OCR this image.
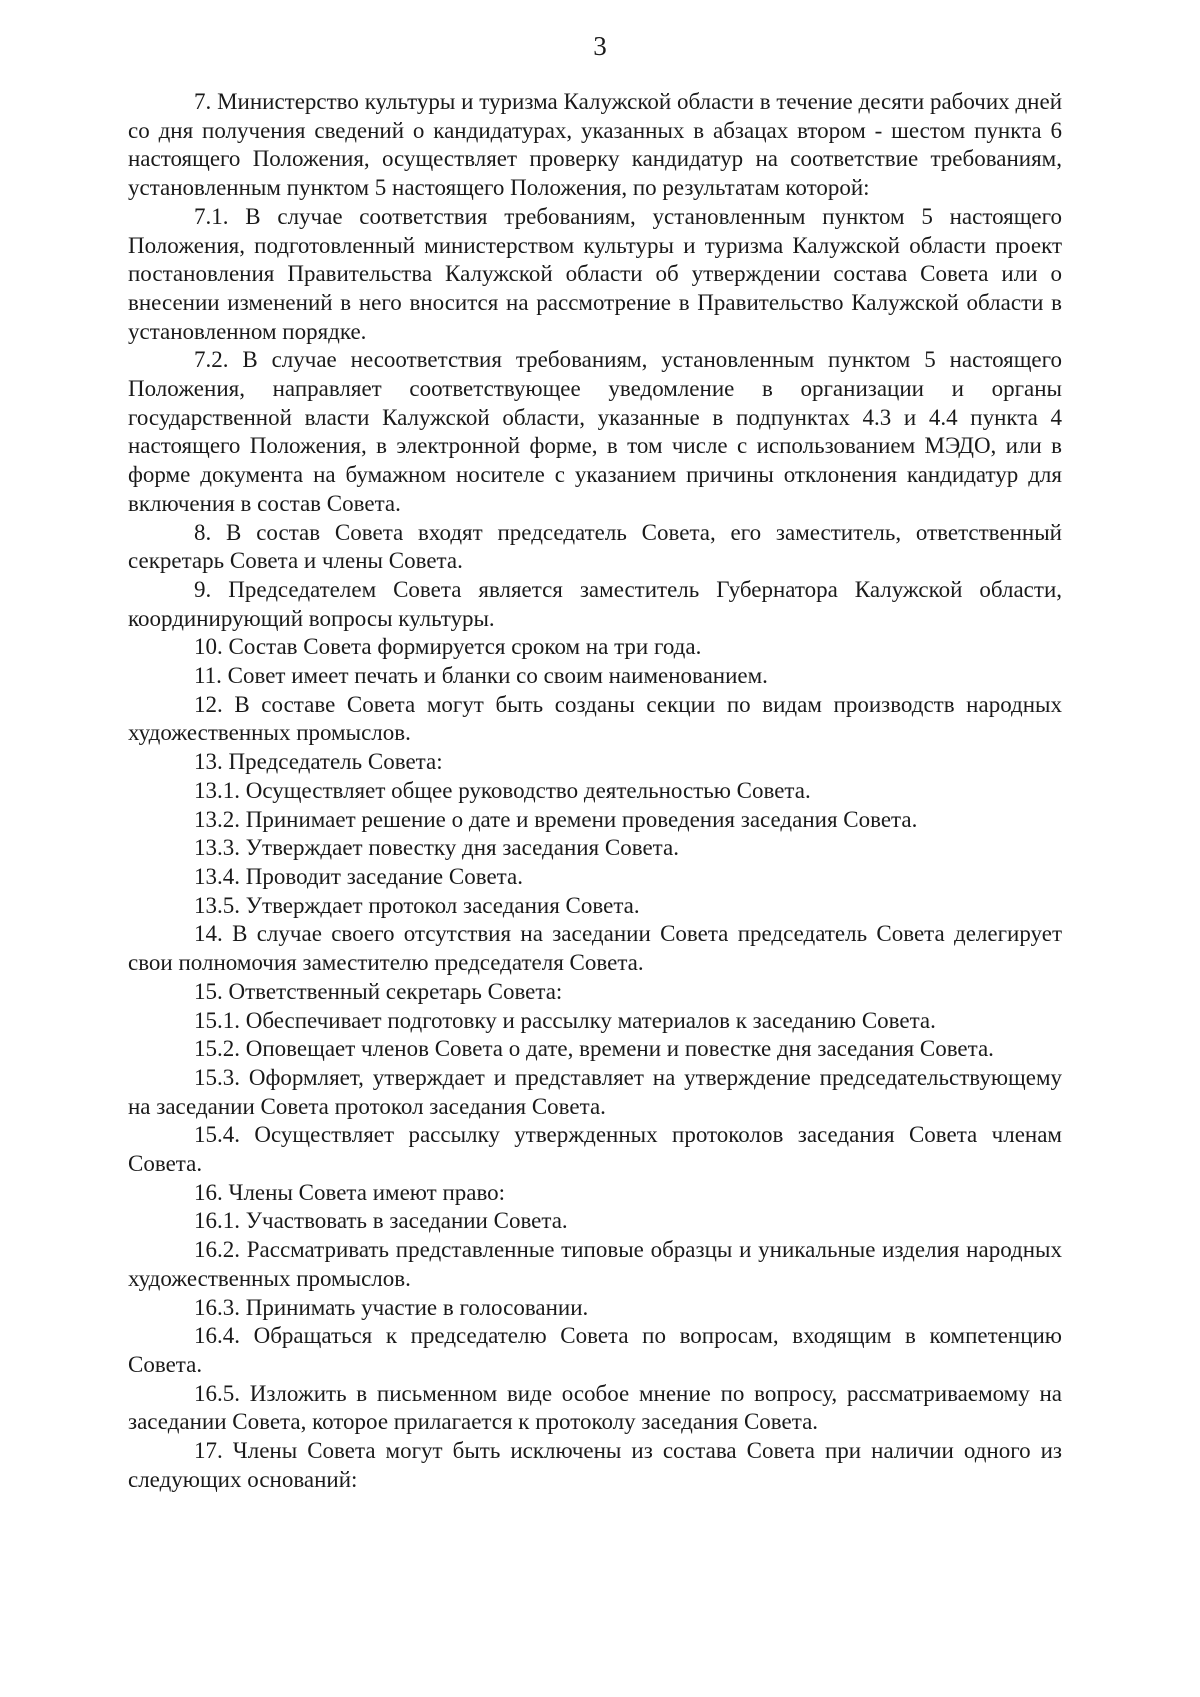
3

7. Министерство культуры и туризма Калужской области в течение десяти рабочих дней со дня получения сведений о кандидатурах, указанных в абзацах втором - шестом пункта 6 настоящего Положения, осуществляет проверку кандидатур на соответствие требованиям, установленным пунктом 5 настоящего Положения, по результатам которой:

7.1. В случае соответствия требованиям, установленным пунктом 5 настоящего Положения, подготовленный министерством культуры и туризма Калужской области проект постановления Правительства Калужской области об утверждении состава Совета или о внесении изменений в него вносится на рассмотрение в Правительство Калужской области в установленном порядке.

7.2. В случае несоответствия требованиям, установленным пунктом 5 настоящего Положения, направляет соответствующее уведомление в организации и органы государственной власти Калужской области, указанные в подпунктах 4.3 и 4.4 пункта 4 настоящего Положения, в электронной форме, в том числе с использованием МЭДО, или в форме документа на бумажном носителе с указанием причины отклонения кандидатур для включения в состав Совета.

8. В состав Совета входят председатель Совета, его заместитель, ответственный секретарь Совета и члены Совета.

9. Председателем Совета является заместитель Губернатора Калужской области, координирующий вопросы культуры.

10. Состав Совета формируется сроком на три года.

11. Совет имеет печать и бланки со своим наименованием.

12. В составе Совета могут быть созданы секции по видам производств народных художественных промыслов.

13. Председатель Совета:

13.1. Осуществляет общее руководство деятельностью Совета.

13.2. Принимает решение о дате и времени проведения заседания Совета.

13.3. Утверждает повестку дня заседания Совета.

13.4. Проводит заседание Совета.

13.5. Утверждает протокол заседания Совета.

14. В случае своего отсутствия на заседании Совета председатель Совета делегирует свои полномочия заместителю председателя Совета.

15. Ответственный секретарь Совета:

15.1. Обеспечивает подготовку и рассылку материалов к заседанию Совета.

15.2. Оповещает членов Совета о дате, времени и повестке дня заседания Совета.

15.3. Оформляет, утверждает и представляет на утверждение председательствующему на заседании Совета протокол заседания Совета.

15.4. Осуществляет рассылку утвержденных протоколов заседания Совета членам Совета.

16. Члены Совета имеют право:

16.1. Участвовать в заседании Совета.

16.2. Рассматривать представленные типовые образцы и уникальные изделия народных художественных промыслов.

16.3. Принимать участие в голосовании.

16.4. Обращаться к председателю Совета по вопросам, входящим в компетенцию Совета.

16.5. Изложить в письменном виде особое мнение по вопросу, рассматриваемому на заседании Совета, которое прилагается к протоколу заседания Совета.

17. Члены Совета могут быть исключены из состава Совета при наличии одного из следующих оснований:
